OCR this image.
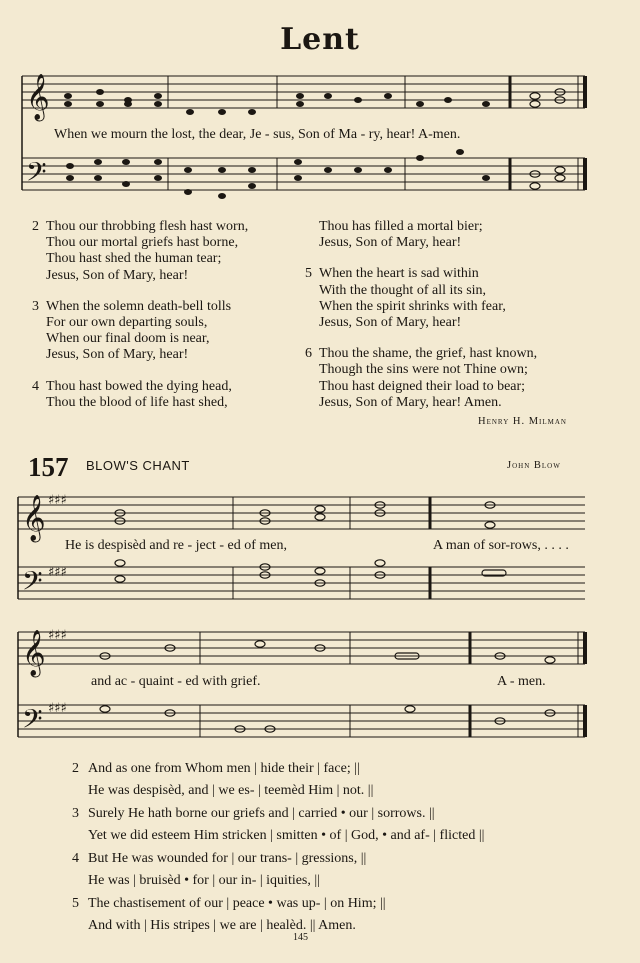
Lent
𝄞
𝄢
𝄞
𝄢
𝄞
𝄢
♯♯♯
♯♯♯
♯♯♯
♯♯♯
When we mourn the lost, the dear, Je - sus, Son of Ma - ry, hear! A-men.
2 Thou our throbbing flesh hast worn,
Thou our mortal griefs hast borne,
Thou hast shed the human tear;
Jesus, Son of Mary, hear!
3 When the solemn death-bell tolls
For our own departing souls,
When our final doom is near,
Jesus, Son of Mary, hear!
4 Thou hast bowed the dying head,
Thou the blood of life hast shed,
Thou has filled a mortal bier;
Jesus, Son of Mary, hear!
5 When the heart is sad within
With the thought of all its sin,
When the spirit shrinks with fear,
Jesus, Son of Mary, hear!
6 Thou the shame, the grief, hast known,
Though the sins were not Thine own;
Thou hast deigned their load to bear;
Jesus, Son of Mary, hear! Amen.
Henry H. Milman
157 BLOW'S CHANT	John Blow
He is despisèd and re - ject - ed of men,	A man of sor-rows, . . . .
and ac - quaint - ed with grief.	A - men.
2 And as one from Whom men | hide their | face; ||
He was despisèd, and | we es- | teemèd Him | not. ||
3 Surely He hath borne our griefs and | carried • our | sorrows. ||
Yet we did esteem Him stricken | smitten • of | God, • and af- | flicted ||
4 But He was wounded for | our trans- | gressions, ||
He was | bruisèd • for | our in- | iquities, ||
5 The chastisement of our | peace • was up- | on Him; ||
And with | His stripes | we are | healèd. || Amen.
145
